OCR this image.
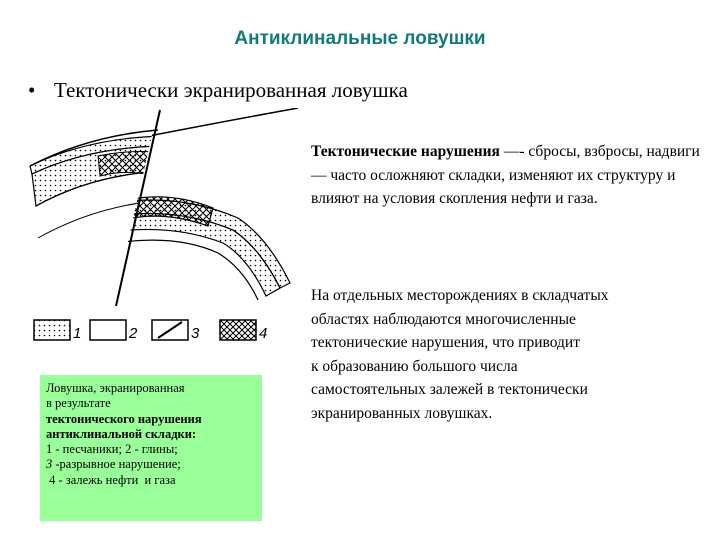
Антиклинальные ловушки
• Тектонически экранированная ловушка
1	2	3	4
Ловушка, экранированная
в результате
тектонического нарушения
антиклинальной складки:
1 - песчаники; 2 - глины;
3 -разрывное нарушение;
4 - залежь нефти  и газа
Тектонические нарушения —- сбросы, взбросы, надвиги — часто осложняют складки, изменяют их структуру и влияют на условия скопления нефти и газа.
На отдельных месторождениях в складчатых
областях наблюдаются многочисленные
тектонические нарушения, что приводит
к образованию большого числа
самостоятельных залежей в тектонически
экранированных ловушках.
